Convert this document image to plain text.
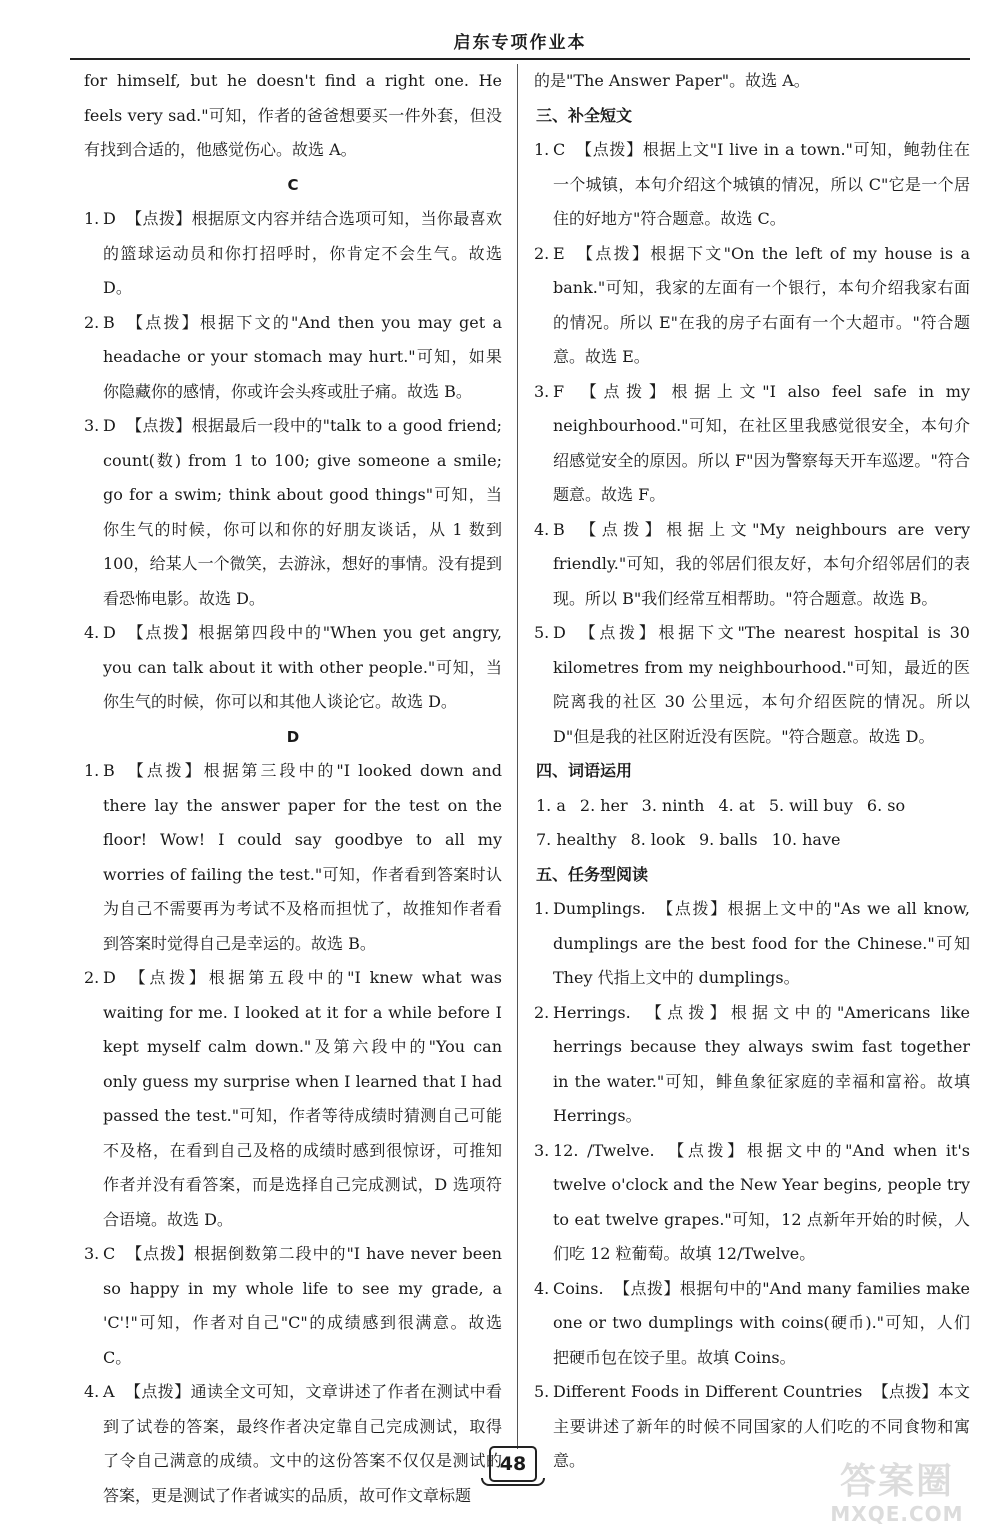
启东专项作业本

for himself, but he doesn't find a right one. He feels very sad."可知，作者的爸爸想要买一件外套，但没有找到合适的，他感觉伤心。故选 A。

C

1. D 【点拨】根据原文内容并结合选项可知，当你最喜欢的篮球运动员和你打招呼时，你肯定不会生气。故选 D。
2. B 【点拨】根据下文的"And then you may get a headache or your stomach may hurt."可知，如果你隐藏你的感情，你或许会头疼或肚子痛。故选 B。
3. D 【点拨】根据最后一段中的"talk to a good friend; count(数) from 1 to 100; give someone a smile; go for a swim; think about good things"可知，当你生气的时候，你可以和你的好朋友谈话，从 1 数到 100，给某人一个微笑，去游泳，想好的事情。没有提到看恐怖电影。故选 D。
4. D 【点拨】根据第四段中的"When you get angry, you can talk about it with other people."可知，当你生气的时候，你可以和其他人谈论它。故选 D。

D

1. B 【点拨】根据第三段中的"I looked down and there lay the answer paper for the test on the floor! Wow! I could say goodbye to all my worries of failing the test."可知，作者看到答案时认为自己不需要再为考试不及格而担忧了，故推知作者看到答案时觉得自己是幸运的。故选 B。
2. D 【点拨】根据第五段中的"I knew what was waiting for me. I looked at it for a while before I kept myself calm down."及第六段中的"You can only guess my surprise when I learned that I had passed the test."可知，作者等待成绩时猜测自己可能不及格，在看到自己及格的成绩时感到很惊讶，可推知作者并没有看答案，而是选择自己完成测试，D 选项符合语境。故选 D。
3. C 【点拨】根据倒数第二段中的"I have never been so happy in my whole life to see my grade, a 'C'!"可知，作者对自己"C"的成绩感到很满意。故选 C。
4. A 【点拨】通读全文可知，文章讲述了作者在测试中看到了试卷的答案，最终作者决定靠自己完成测试，取得了令自己满意的成绩。文中的这份答案不仅仅是测试的答案，更是测试了作者诚实的品质，故可作文章标题

的是"The Answer Paper"。故选 A。

三、补全短文

1. C 【点拨】根据上文"I live in a town."可知，鲍勃住在一个城镇，本句介绍这个城镇的情况，所以 C"它是一个居住的好地方"符合题意。故选 C。
2. E 【点拨】根据下文"On the left of my house is a bank."可知，我家的左面有一个银行，本句介绍我家右面的情况。所以 E"在我的房子右面有一个大超市。"符合题意。故选 E。
3. F 【点拨】根据上文"I also feel safe in my neighbourhood."可知，在社区里我感觉很安全，本句介绍感觉安全的原因。所以 F"因为警察每天开车巡逻。"符合题意。故选 F。
4. B 【点拨】根据上文"My neighbours are very friendly."可知，我的邻居们很友好，本句介绍邻居们的表现。所以 B"我们经常互相帮助。"符合题意。故选 B。
5. D 【点拨】根据下文"The nearest hospital is 30 kilometres from my neighbourhood."可知，最近的医院离我的社区 30 公里远，本句介绍医院的情况。所以 D"但是我的社区附近没有医院。"符合题意。故选 D。

四、词语运用

1. a 2. her 3. ninth 4. at 5. will buy 6. so
7. healthy 8. look 9. balls 10. have

五、任务型阅读

1. Dumplings. 【点拨】根据上文中的"As we all know, dumplings are the best food for the Chinese."可知 They 代指上文中的 dumplings。
2. Herrings. 【点拨】根据文中的"Americans like herrings because they always swim fast together in the water."可知，鲱鱼象征家庭的幸福和富裕。故填 Herrings。
3. 12. /Twelve. 【点拨】根据文中的"And when it's twelve o'clock and the New Year begins, people try to eat twelve grapes."可知，12 点新年开始的时候，人们吃 12 粒葡萄。故填 12/Twelve。
4. Coins. 【点拨】根据句中的"And many families make one or two dumplings with coins(硬币)."可知，人们把硬币包在饺子里。故填 Coins。
5. Different Foods in Different Countries 【点拨】本文主要讲述了新年的时候不同国家的人们吃的不同食物和寓意。
48	答案圈
MXQE.COM
